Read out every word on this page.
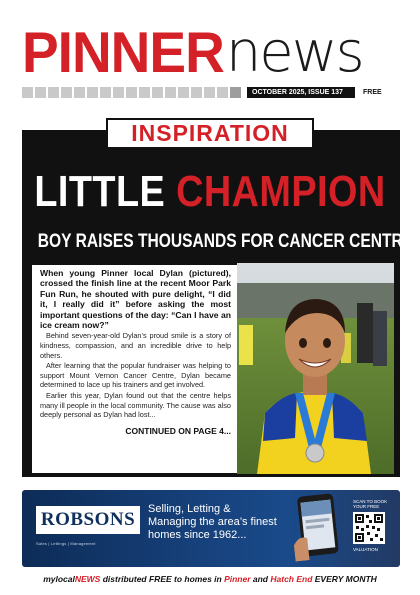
PINNER news
OCTOBER 2025, ISSUE 137	FREE
INSPIRATION
LITTLE CHAMPION
BOY RAISES THOUSANDS FOR CANCER CENTRE

When young Pinner local Dylan (pictured), crossed the finish line at the recent Moor Park Fun Run, he shouted with pure delight, “I did it, I really did it” before asking the most important questions of the day: “Can I have an ice cream now?”

Behind seven-year-old Dylan’s proud smile is a story of kindness, compassion, and an incredible drive to help others.

After learning that the popular fundraiser was helping to support Mount Vernon Cancer Centre, Dylan became determined to lace up his trainers and get involved.

Earlier this year, Dylan found out that the centre helps many ill people in the local community. The cause was also deeply personal as Dylan had lost...

CONTINUED ON PAGE 4...

ROBSONS
Sales | Lettings | Management
Selling, Letting &
Managing the area’s finest
homes since 1962...
SCAN TO BOOK YOUR FREE
VALUATION
mylocalNEWS distributed FREE to homes in Pinner and Hatch End EVERY MONTH
